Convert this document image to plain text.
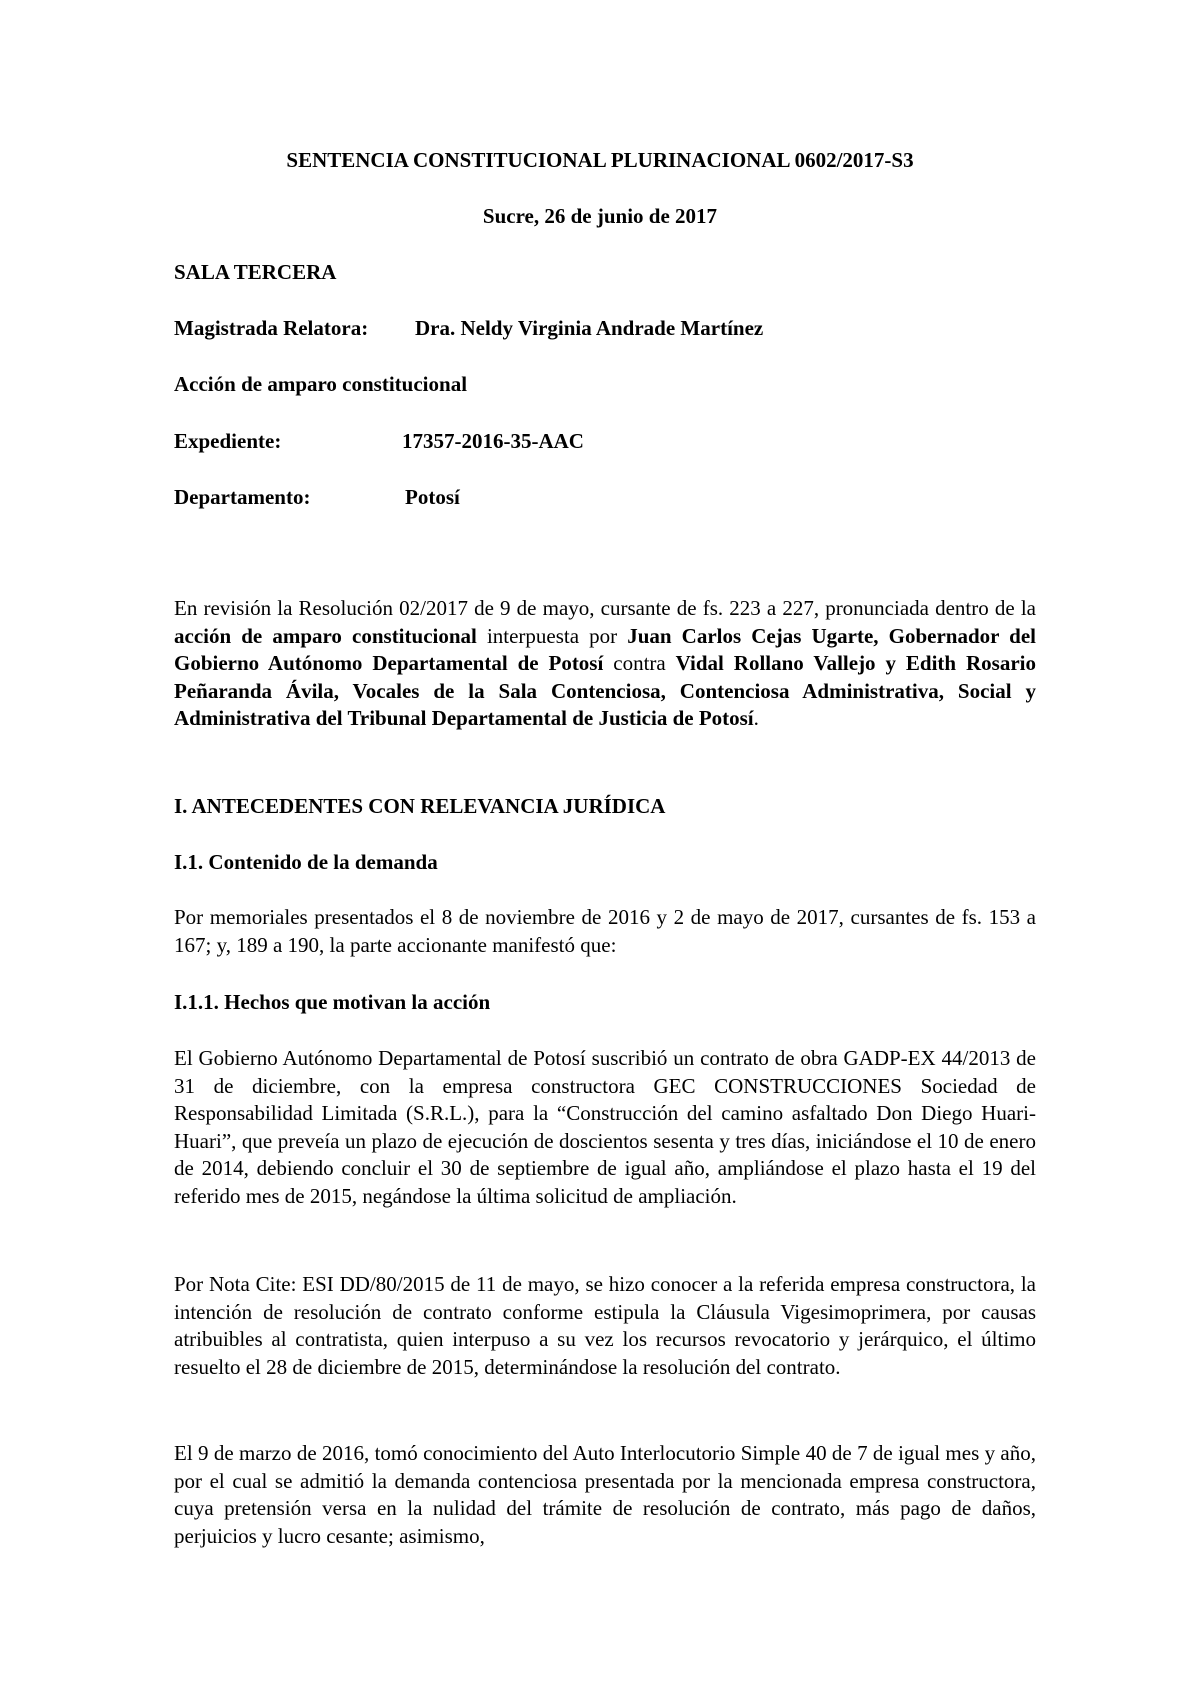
SENTENCIA CONSTITUCIONAL PLURINACIONAL 0602/2017-S3
Sucre, 26 de junio de 2017
SALA TERCERA
Magistrada Relatora: Dra. Neldy Virginia Andrade Martínez
Acción de amparo constitucional
Expediente:	17357-2016-35-AAC
Departamento:	Potosí
En revisión la Resolución 02/2017 de 9 de mayo, cursante de fs. 223 a 227, pronunciada dentro de la acción de amparo constitucional interpuesta por Juan Carlos Cejas Ugarte, Gobernador del Gobierno Autónomo Departamental de Potosí contra Vidal Rollano Vallejo y Edith Rosario Peñaranda Ávila, Vocales de la Sala Contenciosa, Contenciosa Administrativa, Social y Administrativa del Tribunal Departamental de Justicia de Potosí.
I. ANTECEDENTES CON RELEVANCIA JURÍDICA
I.1. Contenido de la demanda
Por memoriales presentados el 8 de noviembre de 2016 y 2 de mayo de 2017, cursantes de fs. 153 a 167; y, 189 a 190, la parte accionante manifestó que:
I.1.1. Hechos que motivan la acción
El Gobierno Autónomo Departamental de Potosí suscribió un contrato de obra GADP-EX 44/2013 de 31 de diciembre, con la empresa constructora GEC CONSTRUCCIONES Sociedad de Responsabilidad Limitada (S.R.L.), para la “Construcción del camino asfaltado Don Diego Huari-Huari”, que preveía un plazo de ejecución de doscientos sesenta y tres días, iniciándose el 10 de enero de 2014, debiendo concluir el 30 de septiembre de igual año, ampliándose el plazo hasta el 19 del referido mes de 2015, negándose la última solicitud de ampliación.
Por Nota Cite: ESI DD/80/2015 de 11 de mayo, se hizo conocer a la referida empresa constructora, la intención de resolución de contrato conforme estipula la Cláusula Vigesimoprimera, por causas atribuibles al contratista, quien interpuso a su vez los recursos revocatorio y jerárquico, el último resuelto el 28 de diciembre de 2015, determinándose la resolución del contrato.
El 9 de marzo de 2016, tomó conocimiento del Auto Interlocutorio Simple 40 de 7 de igual mes y año, por el cual se admitió la demanda contenciosa presentada por la mencionada empresa constructora, cuya pretensión versa en la nulidad del trámite de resolución de contrato, más pago de daños, perjuicios y lucro cesante; asimismo,
